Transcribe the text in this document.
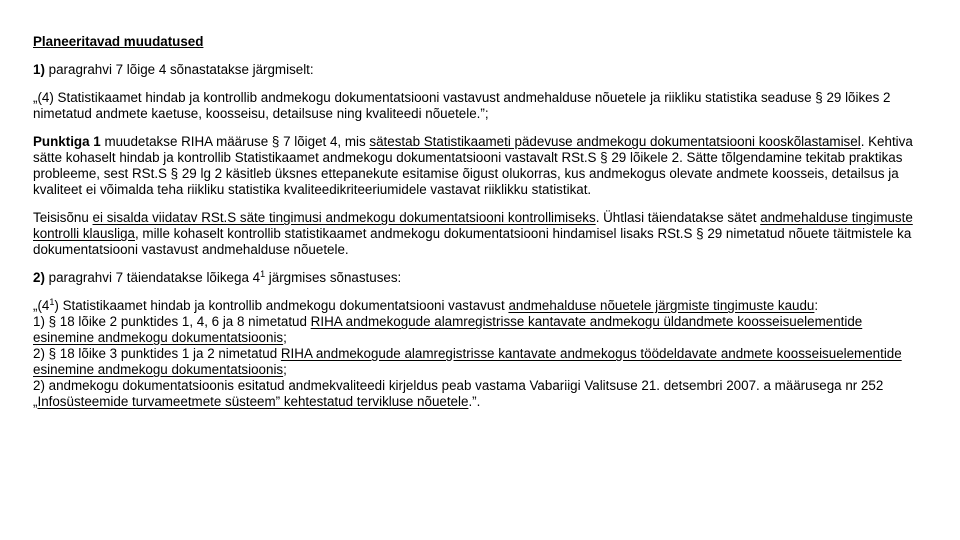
Planeeritavad muudatused

1) paragrahvi 7 lõige 4 sõnastatakse järgmiselt:

„(4) Statistikaamet hindab ja kontrollib andmekogu dokumentatsiooni vastavust andmehalduse nõuetele ja riikliku statistika seaduse § 29 lõikes 2 nimetatud andmete kaetuse, koosseisu, detailsuse ning kvaliteedi nõuetele.”;

Punktiga 1 muudetakse RIHA määruse § 7 lõiget 4, mis sätestab Statistikaameti pädevuse andmekogu dokumentatsiooni kooskõlastamisel. Kehtiva sätte kohaselt hindab ja kontrollib Statistikaamet andmekogu dokumentatsiooni vastavalt RSt.S § 29 lõikele 2. Sätte tõlgendamine tekitab praktikas probleeme, sest RSt.S § 29 lg 2 käsitleb üksnes ettepanekute esitamise õigust olukorras, kus andmekogus olevate andmete koosseis, detailsus ja kvaliteet ei võimalda teha riikliku statistika kvaliteedikriteeriumidele vastavat riiklikku statistikat.

Teisisõnu ei sisalda viidatav RSt.S säte tingimusi andmekogu dokumentatsiooni kontrollimiseks. Ühtlasi täiendatakse sätet andmehalduse tingimuste kontrolli klausliga, mille kohaselt kontrollib statistikaamet andmekogu dokumentatsiooni hindamisel lisaks RSt.S § 29 nimetatud nõuete täitmistele ka dokumentatsiooni vastavust andmehalduse nõuetele.

2) paragrahvi 7 täiendatakse lõikega $4^1$ järgmises sõnastuses:

$„(4^1)$ Statistikaamet hindab ja kontrollib andmekogu dokumentatsiooni vastavust andmehalduse nõuetele järgmiste tingimuste kaudu:
1) § 18 lõike 2 punktides 1, 4, 6 ja 8 nimetatud RIHA andmekogude alamregistrisse kantavate andmekogu üldandmete koosseisuelementide esinemine andmekogu dokumentatsioonis;
2) § 18 lõike 3 punktides 1 ja 2 nimetatud RIHA andmekogude alamregistrisse kantavate andmekogus töödeldavate andmete koosseisuelementide esinemine andmekogu dokumentatsioonis;
2) andmekogu dokumentatsioonis esitatud andmekvaliteedi kirjeldus peab vastama Vabariigi Valitsuse 21. detsembri 2007. a määrusega nr 252 „Infosüsteemide turvameetmete süsteem” kehtestatud tervikluse nõuetele.”.
